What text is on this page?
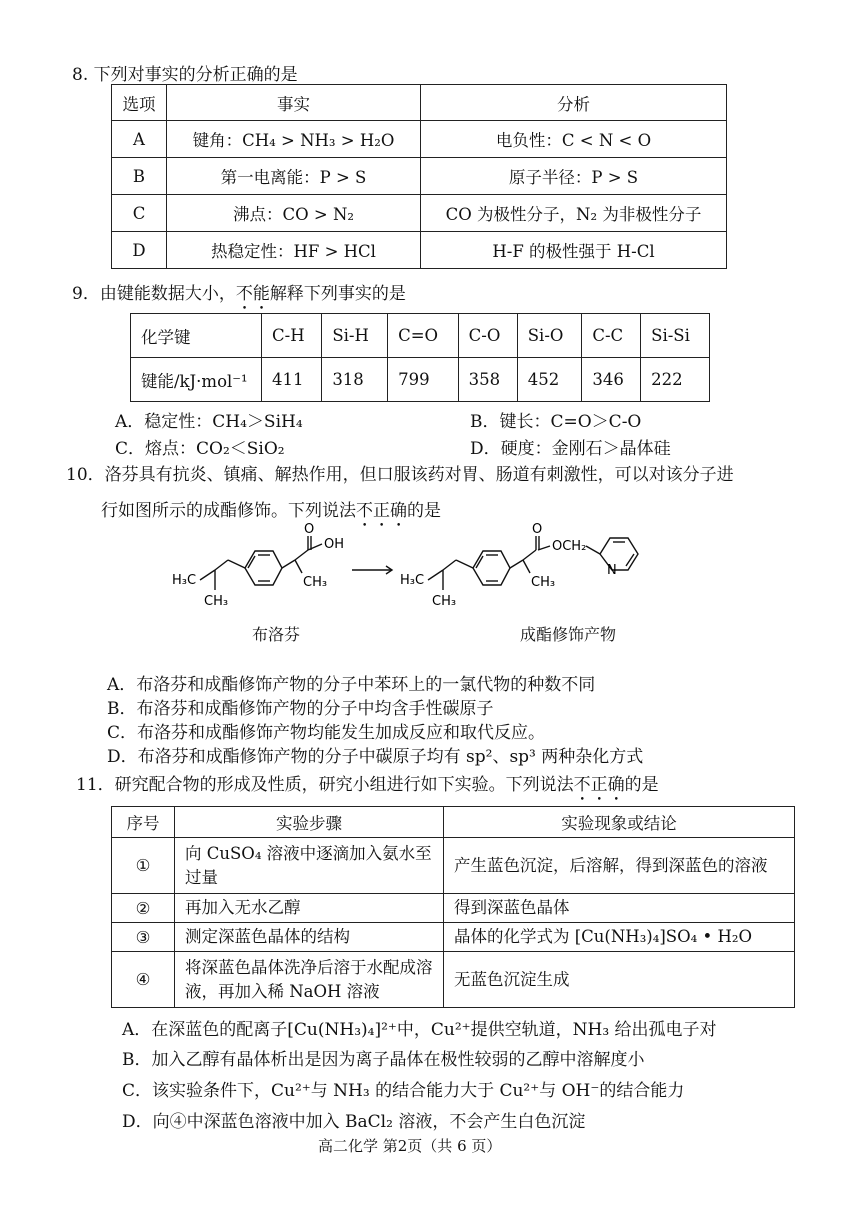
8. 下列对事实的分析正确的是
选项	事实	分析
A	键角：CH₄ > NH₃ > H₂O	电负性：C < N < O
B	第一电离能：P > S	原子半径：P > S
C	沸点：CO > N₂	CO 为极性分子，N₂ 为非极性分子
D	热稳定性：HF > HCl	H-F 的极性强于 H-Cl
9．由键能数据大小，不能解释下列事实的是
化学键	C-H	Si-H	C=O	C-O	Si-O	C-C	Si-Si
键能/kJ·mol⁻¹	411	318	799	358	452	346	222
A．稳定性：CH₄＞SiH₄	B．键长：C=O＞C-O
C．熔点：CO₂＜SiO₂	D．硬度：金刚石＞晶体硅
10．洛芬具有抗炎、镇痛、解热作用，但口服该药对胃、肠道有刺激性，可以对该分子进
行如图所示的成酯修饰。下列说法不正确的是
O
OH
CH₃
H₃C
CH₃
O
OCH₂
CH₃
H₃C
CH₃
N
布洛芬	成酯修饰产物
A．布洛芬和成酯修饰产物的分子中苯环上的一氯代物的种数不同
B．布洛芬和成酯修饰产物的分子中均含手性碳原子
C．布洛芬和成酯修饰产物均能发生加成反应和取代反应。
D．布洛芬和成酯修饰产物的分子中碳原子均有 sp²、sp³ 两种杂化方式
11．研究配合物的形成及性质，研究小组进行如下实验。下列说法不正确的是
序号	实验步骤	实验现象或结论
①	向 CuSO₄ 溶液中逐滴加入氨水至过量	产生蓝色沉淀，后溶解，得到深蓝色的溶液
②	再加入无水乙醇	得到深蓝色晶体
③	测定深蓝色晶体的结构	晶体的化学式为 [Cu(NH₃)₄]SO₄ • H₂O
④	将深蓝色晶体洗净后溶于水配成溶液，再加入稀 NaOH 溶液	无蓝色沉淀生成
A．在深蓝色的配离子[Cu(NH₃)₄]²⁺中，Cu²⁺提供空轨道，NH₃ 给出孤电子对
B．加入乙醇有晶体析出是因为离子晶体在极性较弱的乙醇中溶解度小
C．该实验条件下，Cu²⁺与 NH₃ 的结合能力大于 Cu²⁺与 OH⁻的结合能力
D．向④中深蓝色溶液中加入 BaCl₂ 溶液，不会产生白色沉淀
高二化学 第2页（共 6 页）
